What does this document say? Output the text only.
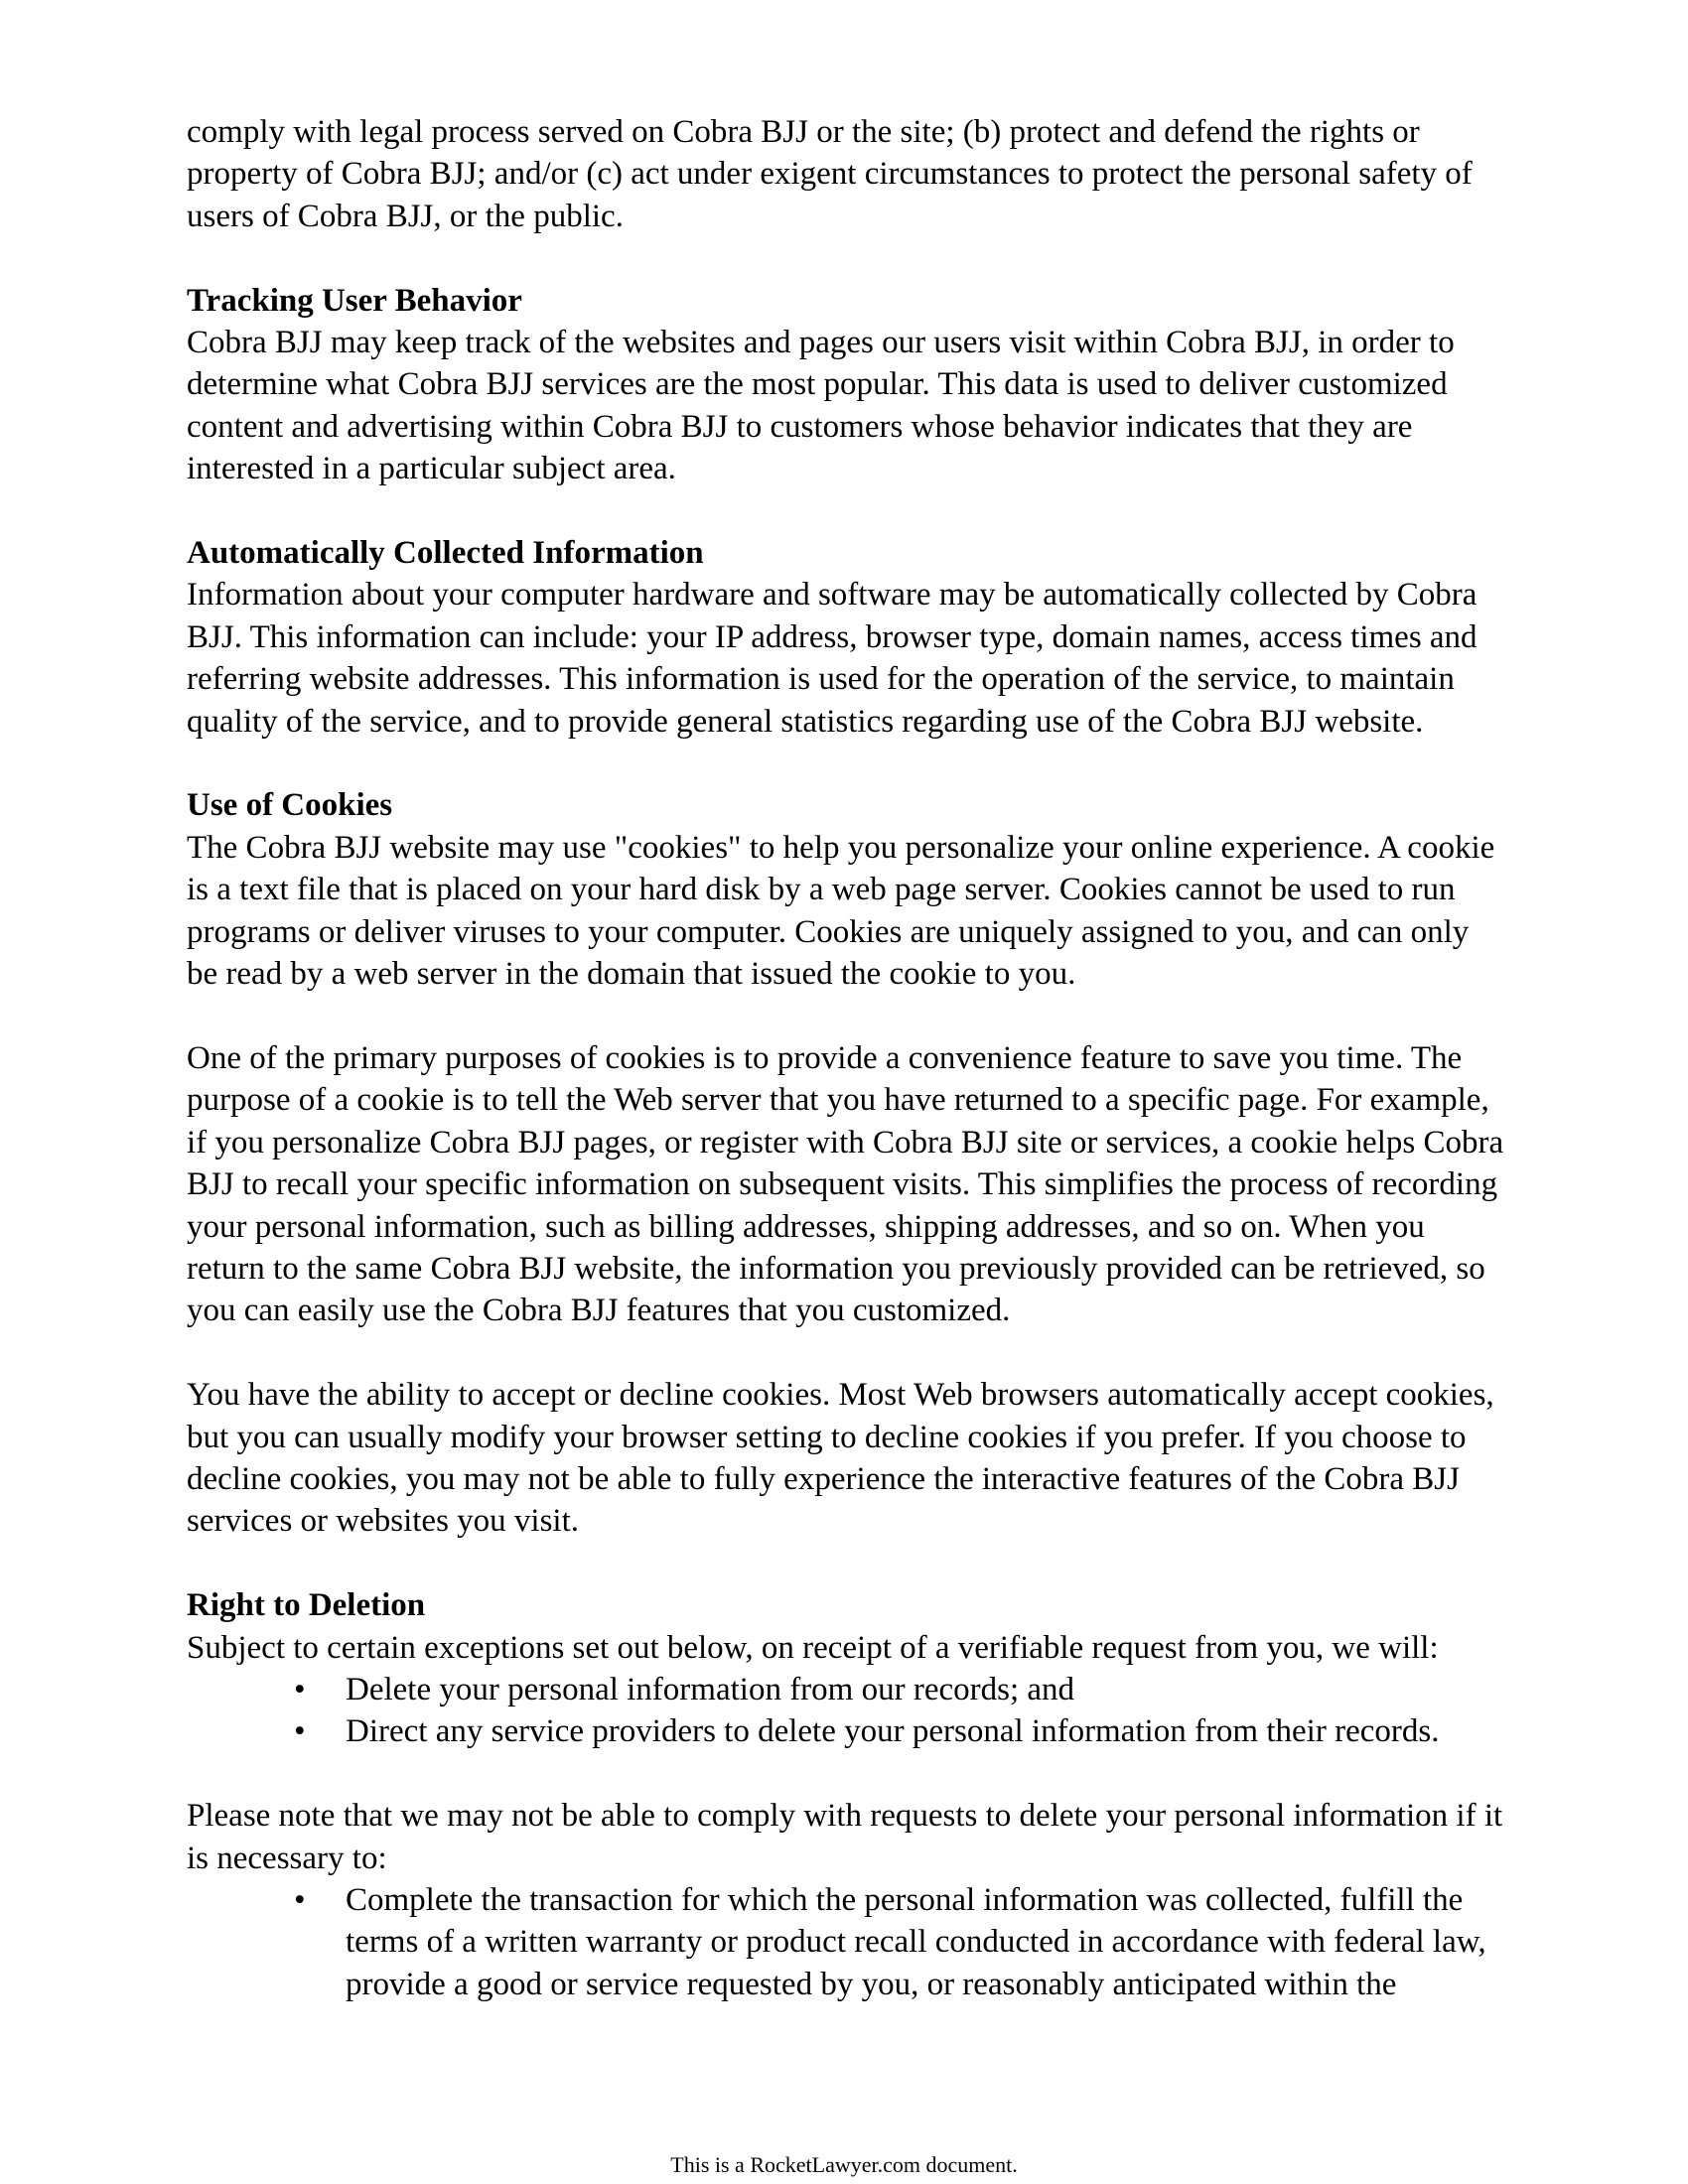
comply with legal process served on Cobra BJJ or the site; (b) protect and defend the rights or property of Cobra BJJ; and/or (c) act under exigent circumstances to protect the personal safety of users of Cobra BJJ, or the public.

Tracking User Behavior

Cobra BJJ may keep track of the websites and pages our users visit within Cobra BJJ, in order to determine what Cobra BJJ services are the most popular. This data is used to deliver customized content and advertising within Cobra BJJ to customers whose behavior indicates that they are interested in a particular subject area.

Automatically Collected Information

Information about your computer hardware and software may be automatically collected by Cobra BJJ. This information can include: your IP address, browser type, domain names, access times and referring website addresses. This information is used for the operation of the service, to maintain quality of the service, and to provide general statistics regarding use of the Cobra BJJ website.

Use of Cookies

The Cobra BJJ website may use "cookies" to help you personalize your online experience. A cookie is a text file that is placed on your hard disk by a web page server. Cookies cannot be used to run programs or deliver viruses to your computer. Cookies are uniquely assigned to you, and can only be read by a web server in the domain that issued the cookie to you.

One of the primary purposes of cookies is to provide a convenience feature to save you time. The purpose of a cookie is to tell the Web server that you have returned to a specific page. For example, if you personalize Cobra BJJ pages, or register with Cobra BJJ site or services, a cookie helps Cobra BJJ to recall your specific information on subsequent visits. This simplifies the process of recording your personal information, such as billing addresses, shipping addresses, and so on. When you return to the same Cobra BJJ website, the information you previously provided can be retrieved, so you can easily use the Cobra BJJ features that you customized.

You have the ability to accept or decline cookies. Most Web browsers automatically accept cookies, but you can usually modify your browser setting to decline cookies if you prefer. If you choose to decline cookies, you may not be able to fully experience the interactive features of the Cobra BJJ services or websites you visit.

Right to Deletion

Subject to certain exceptions set out below, on receipt of a verifiable request from you, we will:

• Delete your personal information from our records; and
• Direct any service providers to delete your personal information from their records.

Please note that we may not be able to comply with requests to delete your personal information if it is necessary to:

• Complete the transaction for which the personal information was collected, fulfill the terms of a written warranty or product recall conducted in accordance with federal law, provide a good or service requested by you, or reasonably anticipated within the
This is a RocketLawyer.com document.
